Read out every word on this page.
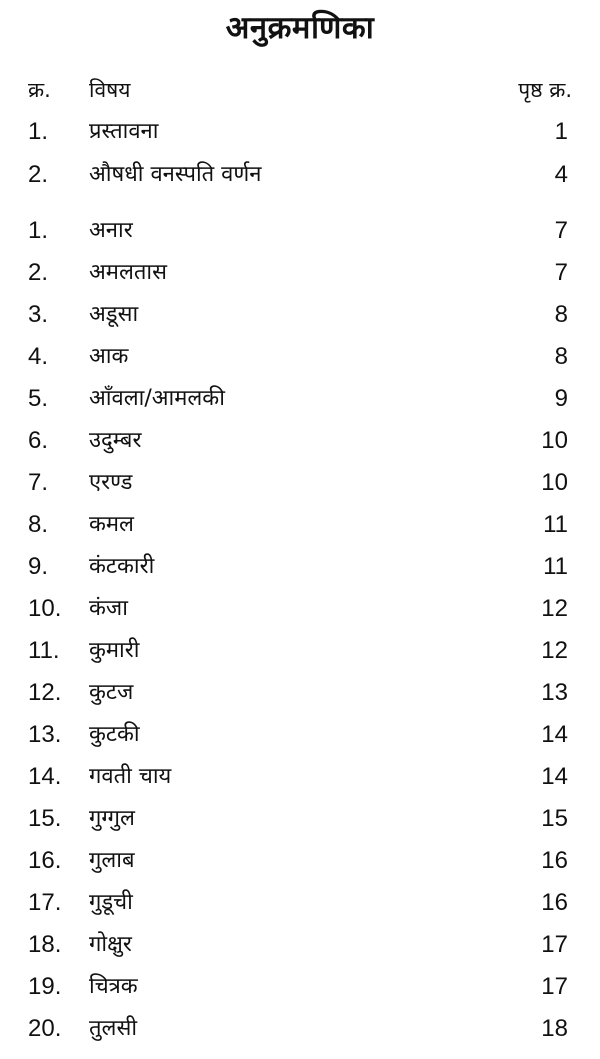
अनुक्रमणिका
क्र. विषय	पृष्ठ क्र.
1. प्रस्तावना	1
2. औषधी वनस्पति वर्णन	4
1. अनार	7
2. अमलतास	7
3. अडूसा	8
4. आक	8
5. आँवला/आमलकी	9
6. उदुम्बर	10
7. एरण्ड	10
8. कमल	11
9. कंटकारी	11
10. कंजा	12
11. कुमारी	12
12. कुटज	13
13. कुटकी	14
14. गवती चाय	14
15. गुग्गुल	15
16. गुलाब	16
17. गुडूची	16
18. गोक्षुर	17
19. चित्रक	17
20. तुलसी	18
